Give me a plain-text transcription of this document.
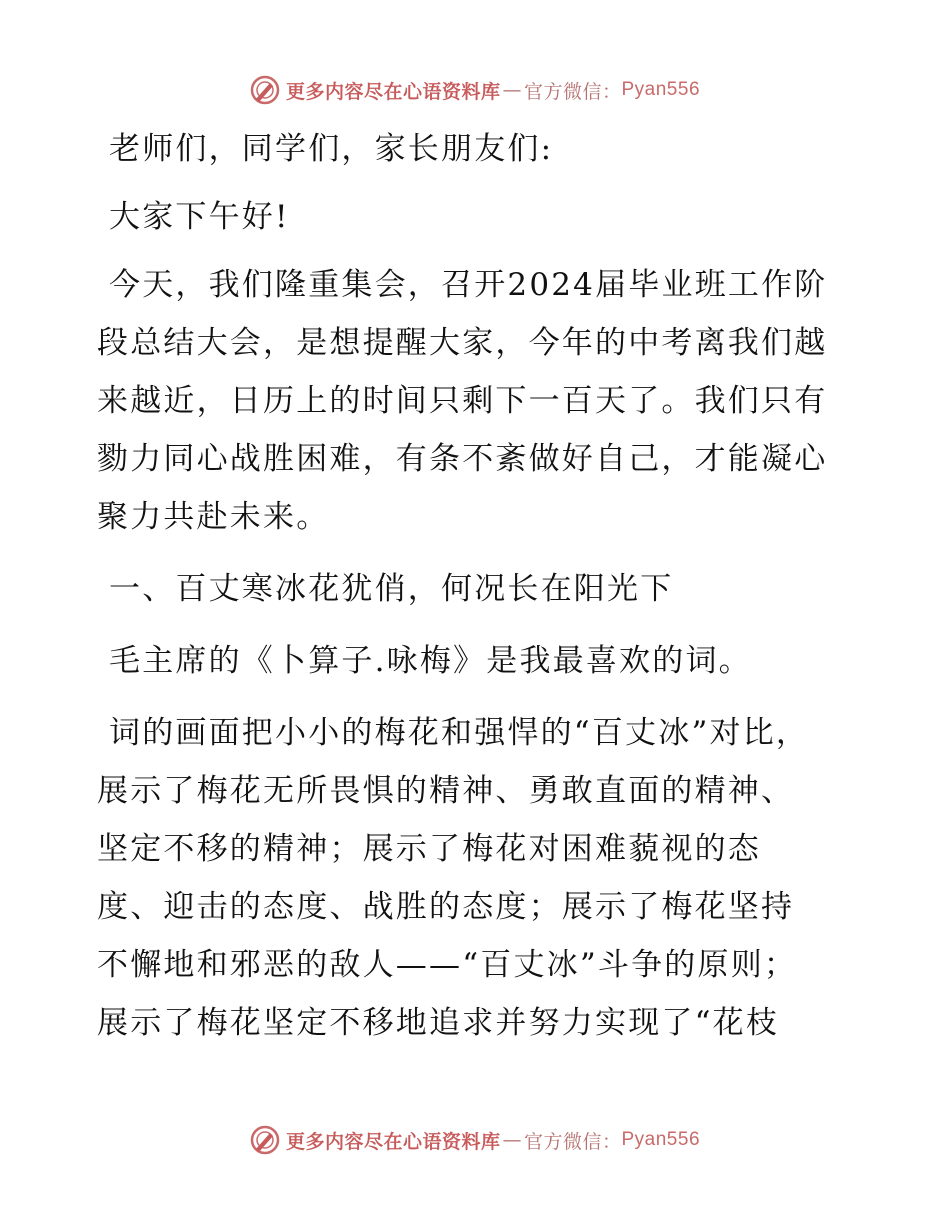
更多内容尽在心语资料库 — 官方微信： Pyan556

老师们，同学们，家长朋友们:

大家下午好!

今天，我们隆重集会，召开2024届毕业班工作阶段总结大会，是想提醒大家，今年的中考离我们越来越近，日历上的时间只剩下一百天了。我们只有勠力同心战胜困难，有条不紊做好自己，才能凝心聚力共赴未来。

一、百丈寒冰花犹俏，何况长在阳光下

毛主席的《卜算子.咏梅》是我最喜欢的词。

词的画面把小小的梅花和强悍的“百丈冰”对比，展示了梅花无所畏惧的精神、勇敢直面的精神、坚定不移的精神；展示了梅花对困难藐视的态度、迎击的态度、战胜的态度；展示了梅花坚持不懈地和邪恶的敌人——“百丈冰”斗争的原则；展示了梅花坚定不移地追求并努力实现了“花枝

更多内容尽在心语资料库 — 官方微信： Pyan556
